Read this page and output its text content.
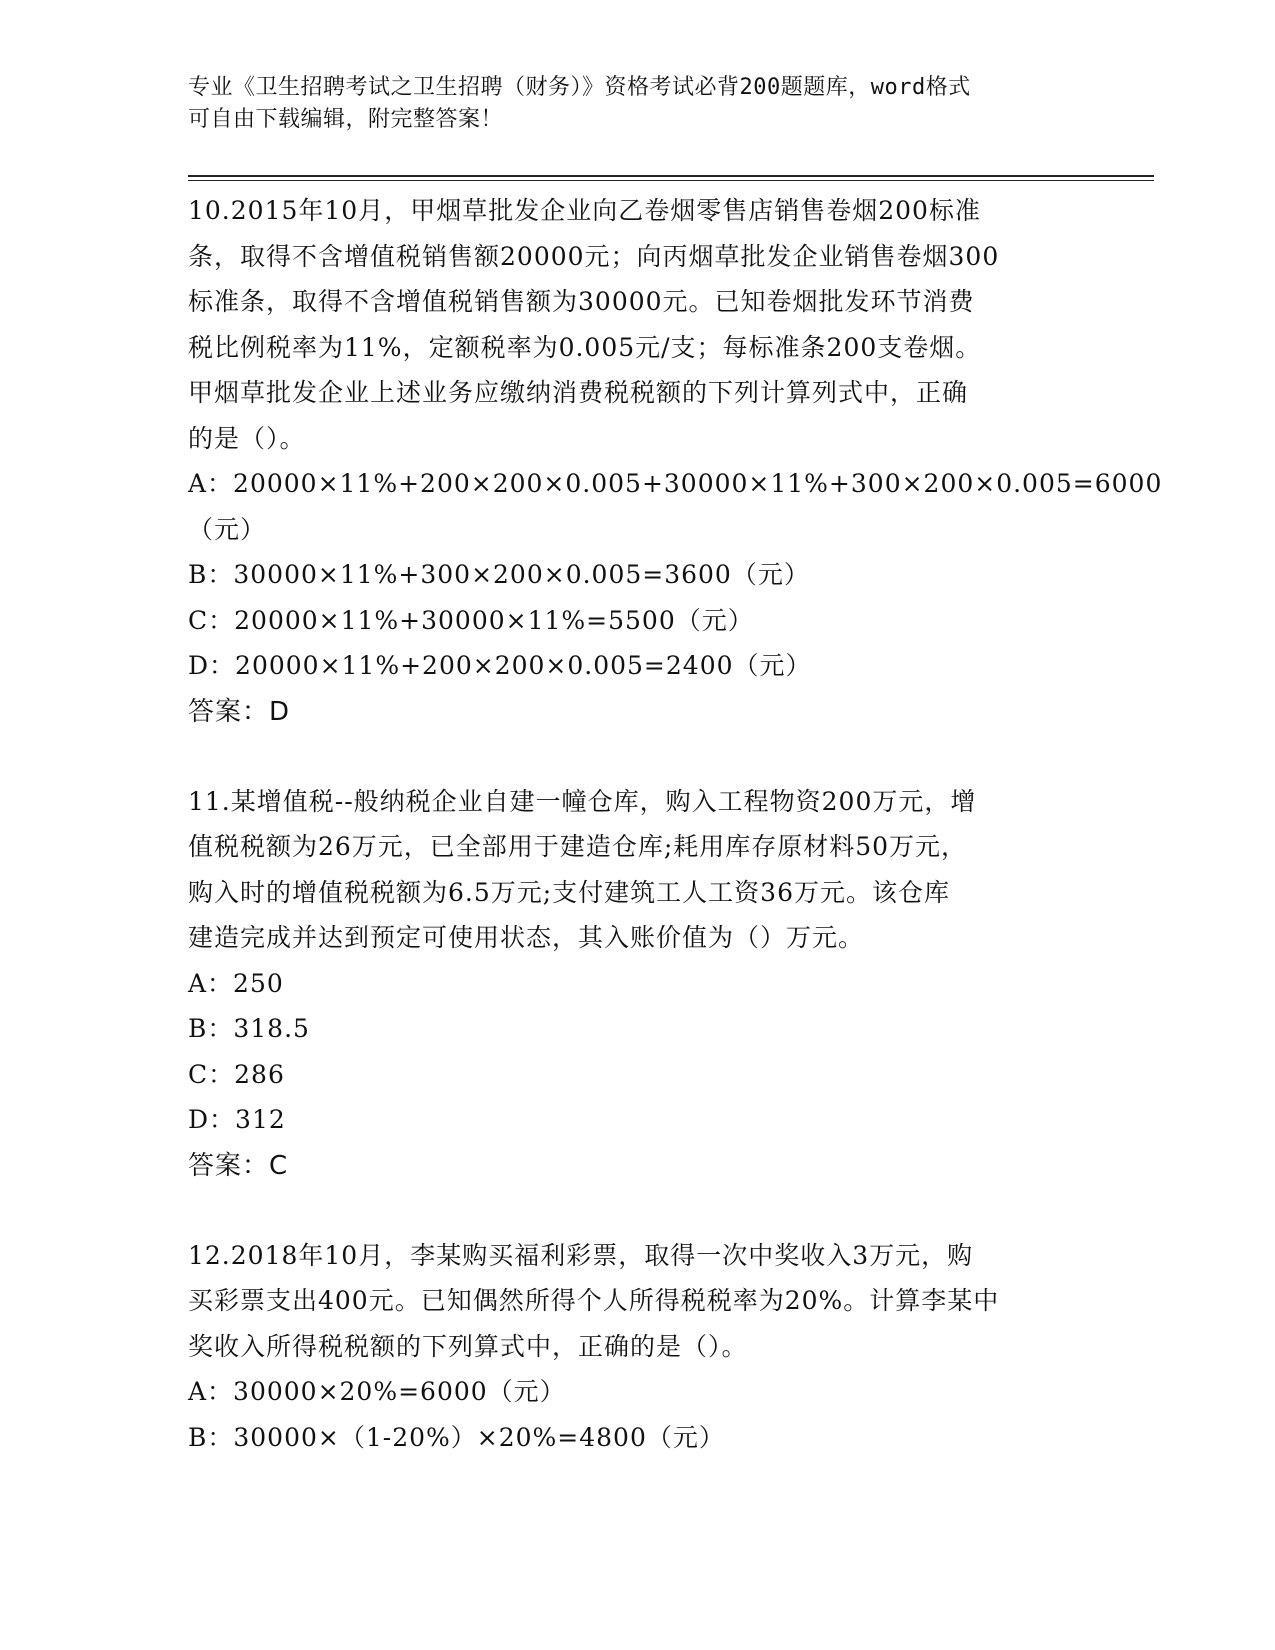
专业《卫生招聘考试之卫生招聘（财务）》资格考试必背200题题库，word格式
可自由下载编辑，附完整答案！
10.2015年10月，甲烟草批发企业向乙卷烟零售店销售卷烟200标准
条，取得不含增值税销售额20000元；向丙烟草批发企业销售卷烟300
标准条，取得不含增值税销售额为30000元。已知卷烟批发环节消费
税比例税率为11%，定额税率为0.005元/支；每标准条200支卷烟。
甲烟草批发企业上述业务应缴纳消费税税额的下列计算列式中，正确
的是（）。
A：20000×11%+200×200×0.005+30000×11%+300×200×0.005=6000
（元）
B：30000×11%+300×200×0.005=3600（元）
C：20000×11%+30000×11%=5500（元）
D：20000×11%+200×200×0.005=2400（元）
答案：D
11.某增值税--般纳税企业自建一幢仓库，购入工程物资200万元，增
值税税额为26万元，已全部用于建造仓库;耗用库存原材料50万元，
购入时的增值税税额为6.5万元;支付建筑工人工资36万元。该仓库
建造完成并达到预定可使用状态，其入账价值为（）万元。
A：250
B：318.5
C：286
D：312
答案：C
12.2018年10月，李某购买福利彩票，取得一次中奖收入3万元，购
买彩票支出400元。已知偶然所得个人所得税税率为20%。计算李某中
奖收入所得税税额的下列算式中，正确的是（）。
A：30000×20%=6000（元）
B：30000×（1-20%）×20%=4800（元）
